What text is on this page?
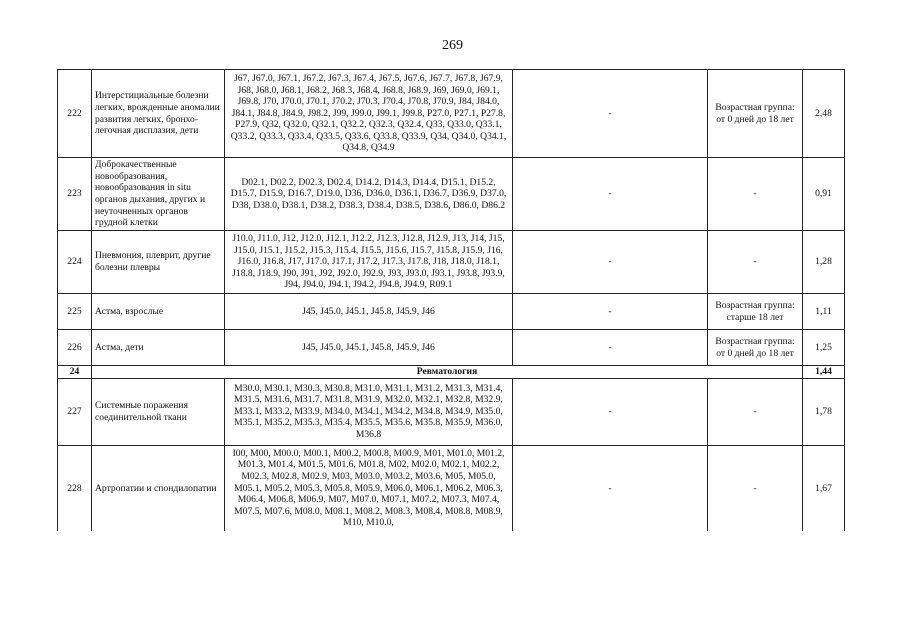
269
222	Интерстициальные болезни легких, врожденные аномалии развития легких, бронхо-легочная дисплазия, дети	J67, J67.0, J67.1, J67.2, J67.3, J67.4, J67.5, J67.6, J67.7, J67.8, J67.9, J68, J68.0, J68.1, J68.2, J68.3, J68.4, J68.8, J68.9, J69, J69.0, J69.1, J69.8, J70, J70.0, J70.1, J70.2, J70.3, J70.4, J70.8, J70.9, J84, J84.0, J84.1, J84.8, J84.9, J98.2, J99, J99.0, J99.1, J99.8, P27.0, P27.1, P27.8, P27.9, Q32, Q32.0, Q32.1, Q32.2, Q32.3, Q32.4, Q33, Q33.0, Q33.1, Q33.2, Q33.3, Q33.4, Q33.5, Q33.6, Q33.8, Q33.9, Q34, Q34.0, Q34.1, Q34.8, Q34.9	-	Возрастная группа: от 0 дней до 18 лет	2,48
223	Доброкачественные новообразования, новообразования in situ органов дыхания, других и неуточненных органов грудной клетки	D02.1, D02.2, D02.3, D02.4, D14.2, D14.3, D14.4, D15.1, D15.2, D15.7, D15.9, D16.7, D19.0, D36, D36.0, D36.1, D36.7, D36.9, D37.0, D38, D38.0, D38.1, D38.2, D38.3, D38.4, D38.5, D38.6, D86.0, D86.2	-	-	0,91
224	Пневмония, плеврит, другие болезни плевры	J10.0, J11.0, J12, J12.0, J12.1, J12.2, J12.3, J12.8, J12.9, J13, J14, J15, J15.0, J15.1, J15.2, J15.3, J15.4, J15.5, J15.6, J15.7, J15.8, J15.9, J16, J16.0, J16.8, J17, J17.0, J17.1, J17.2, J17.3, J17.8, J18, J18.0, J18.1, J18.8, J18.9, J90, J91, J92, J92.0, J92.9, J93, J93.0, J93.1, J93.8, J93.9, J94, J94.0, J94.1, J94.2, J94.8, J94.9, R09.1	-	-	1,28
225	Астма, взрослые	J45, J45.0, J45.1, J45.8, J45.9, J46	-	Возрастная группа: старше 18 лет	1,11
226	Астма, дети	J45, J45.0, J45.1, J45.8, J45.9, J46	-	Возрастная группа: от 0 дней до 18 лет	1,25
24	Ревматология				1,44
227	Системные поражения соединительной ткани	M30.0, M30.1, M30.3, M30.8, M31.0, M31.1, M31.2, M31.3, M31.4, M31.5, M31.6, M31.7, M31.8, M31.9, M32.0, M32.1, M32.8, M32.9, M33.1, M33.2, M33.9, M34.0, M34.1, M34.2, M34.8, M34.9, M35.0, M35.1, M35.2, M35.3, M35.4, M35.5, M35.6, M35.8, M35.9, M36.0, M36.8	-	-	1,78
228	Артропатии и спондилопатии	I00, M00, M00.0, M00.1, M00.2, M00.8, M00.9, M01, M01.0, M01.2, M01.3, M01.4, M01.5, M01.6, M01.8, M02, M02.0, M02.1, M02.2, M02.3, M02.8, M02.9, M03, M03.0, M03.2, M03.6, M05, M05.0, M05.1, M05.2, M05.3, M05.8, M05.9, M06.0, M06.1, M06.2, M06.3, M06.4, M06.8, M06.9, M07, M07.0, M07.1, M07.2, M07.3, M07.4, M07.5, M07.6, M08.0, M08.1, M08.2, M08.3, M08.4, M08.8, M08.9, M10, M10.0,	-	-	1,67
